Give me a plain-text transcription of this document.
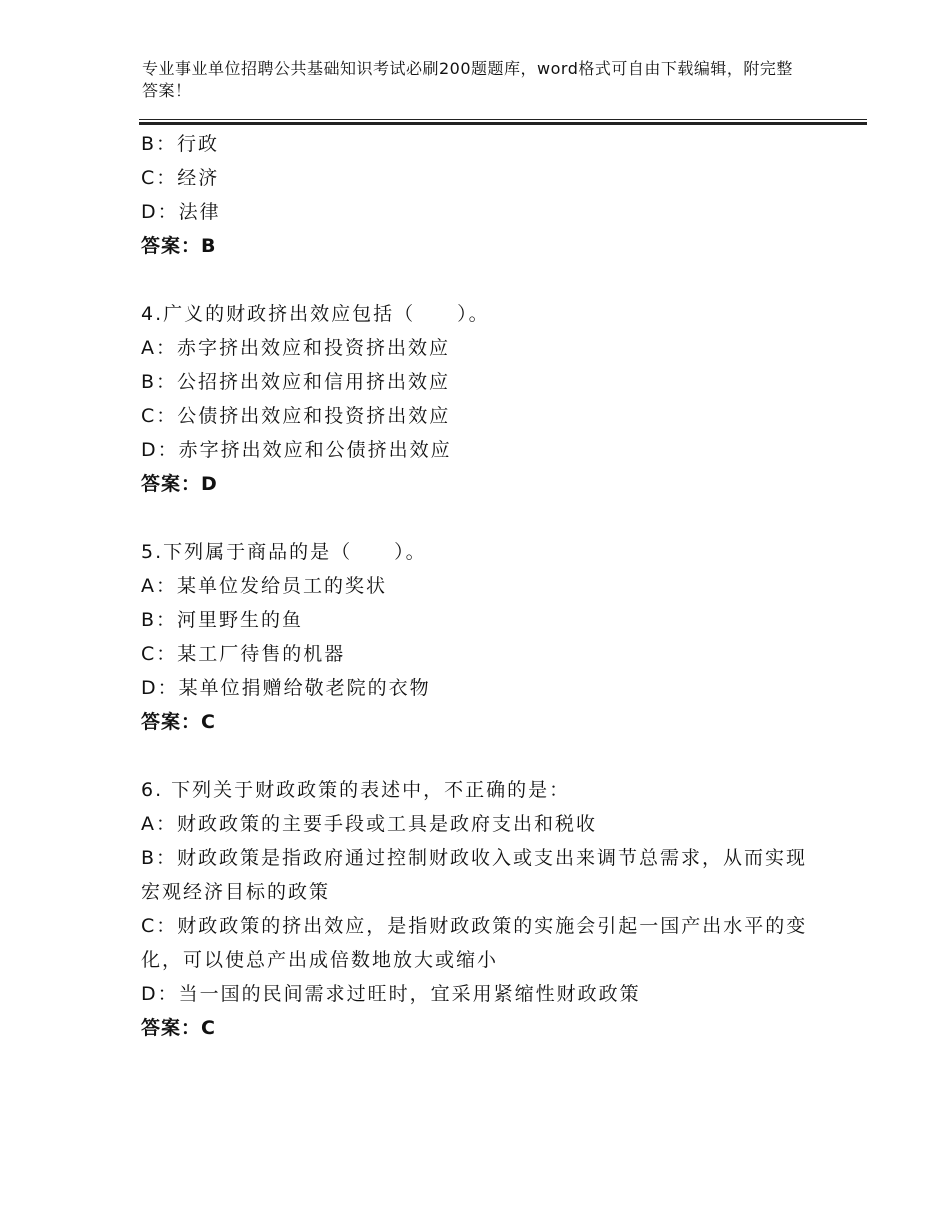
专业事业单位招聘公共基础知识考试必刷200题题库，word格式可自由下载编辑，附完整答案！
B：行政
C：经济
D：法律
答案：B
4.广义的财政挤出效应包括（　　）。
A：赤字挤出效应和投资挤出效应
B：公招挤出效应和信用挤出效应
C：公债挤出效应和投资挤出效应
D：赤字挤出效应和公债挤出效应
答案：D
5.下列属于商品的是（　　）。
A：某单位发给员工的奖状
B：河里野生的鱼
C：某工厂待售的机器
D：某单位捐赠给敬老院的衣物
答案：C
6. 下列关于财政政策的表述中，不正确的是：
A：财政政策的主要手段或工具是政府支出和税收
B：财政政策是指政府通过控制财政收入或支出来调节总需求，从而实现宏观经济目标的政策
C：财政政策的挤出效应，是指财政政策的实施会引起一国产出水平的变化，可以使总产出成倍数地放大或缩小
D：当一国的民间需求过旺时，宜采用紧缩性财政政策
答案：C
